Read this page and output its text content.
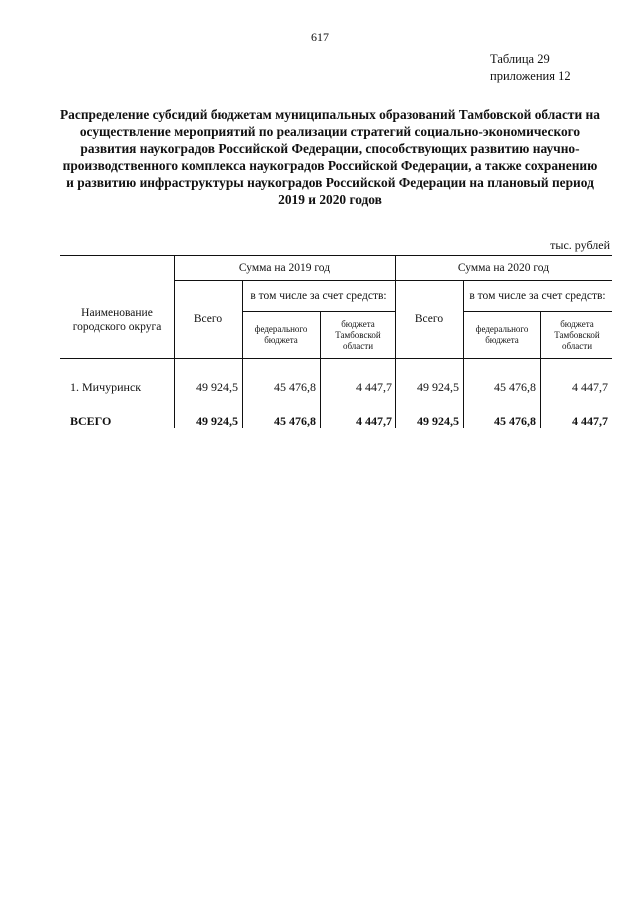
617
Таблица 29
приложения 12
Распределение субсидий бюджетам муниципальных образований Тамбовской области на
осуществление мероприятий по реализации стратегий социально-экономического
развития наукоградов Российской Федерации, способствующих развитию научно-
производственного комплекса наукоградов Российской Федерации, а также сохранению
и развитию инфраструктуры наукоградов Российской Федерации на плановый период
2019 и 2020 годов
тыс. рублей
Наименование городского округа
Сумма на 2019 год	Сумма на 2020 год
Всего
в том числе за счет средств:
федерального бюджета
бюджета Тамбовской области
Всего
в том числе за счет средств:
федерального бюджета
бюджета Тамбовской области
1. Мичуринск	49 924,5	45 476,8	4 447,7	49 924,5	45 476,8	4 447,7
ВСЕГО	49 924,5	45 476,8	4 447,7	49 924,5	45 476,8	4 447,7
